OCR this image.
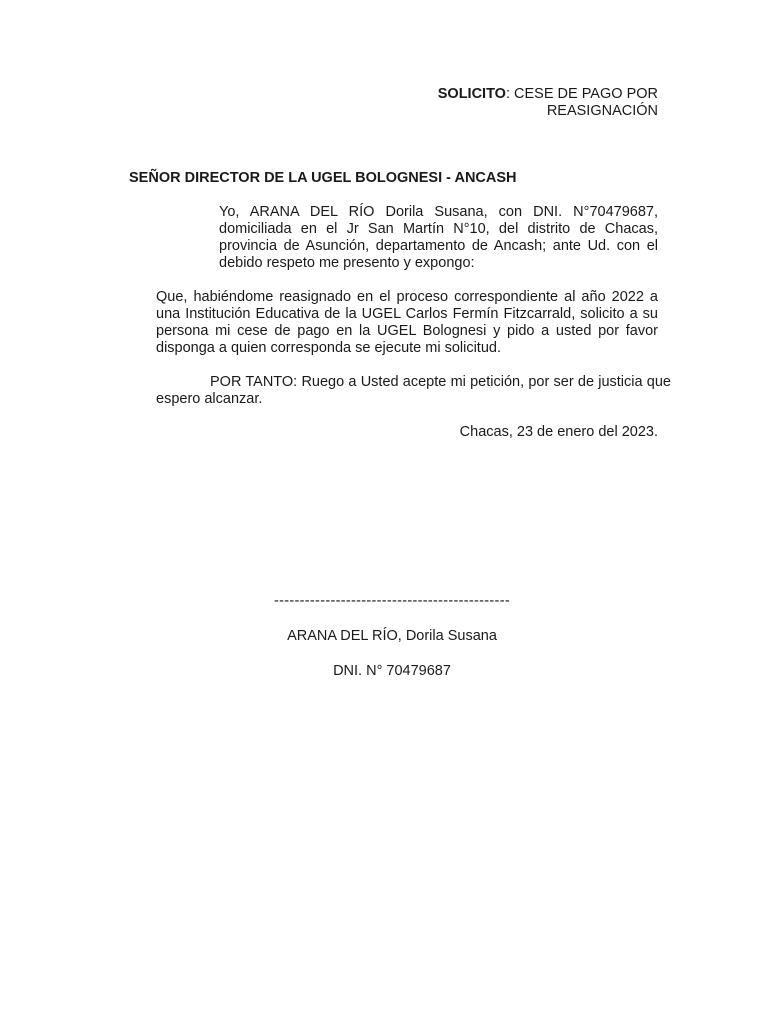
SOLICITO: CESE DE PAGO POR
REASIGNACIÓN
SEÑOR DIRECTOR DE LA UGEL BOLOGNESI - ANCASH
Yo, ARANA DEL RÍO Dorila Susana, con DNI. N°70479687, domiciliada en el Jr San Martín N°10, del distrito de Chacas, provincia de Asunción, departamento de Ancash; ante Ud. con el debido respeto me presento y expongo:
Que, habiéndome reasignado en el proceso correspondiente al año 2022 a una Institución Educativa de la UGEL Carlos Fermín Fitzcarrald, solicito a su persona mi cese de pago en la UGEL Bolognesi y pido a usted por favor disponga a quien corresponda se ejecute mi solicitud.
POR TANTO: Ruego a Usted acepte mi petición, por ser de justicia que espero alcanzar.
Chacas, 23 de enero del 2023.
----------------------------------------------
ARANA DEL RÍO, Dorila Susana
DNI. N° 70479687
